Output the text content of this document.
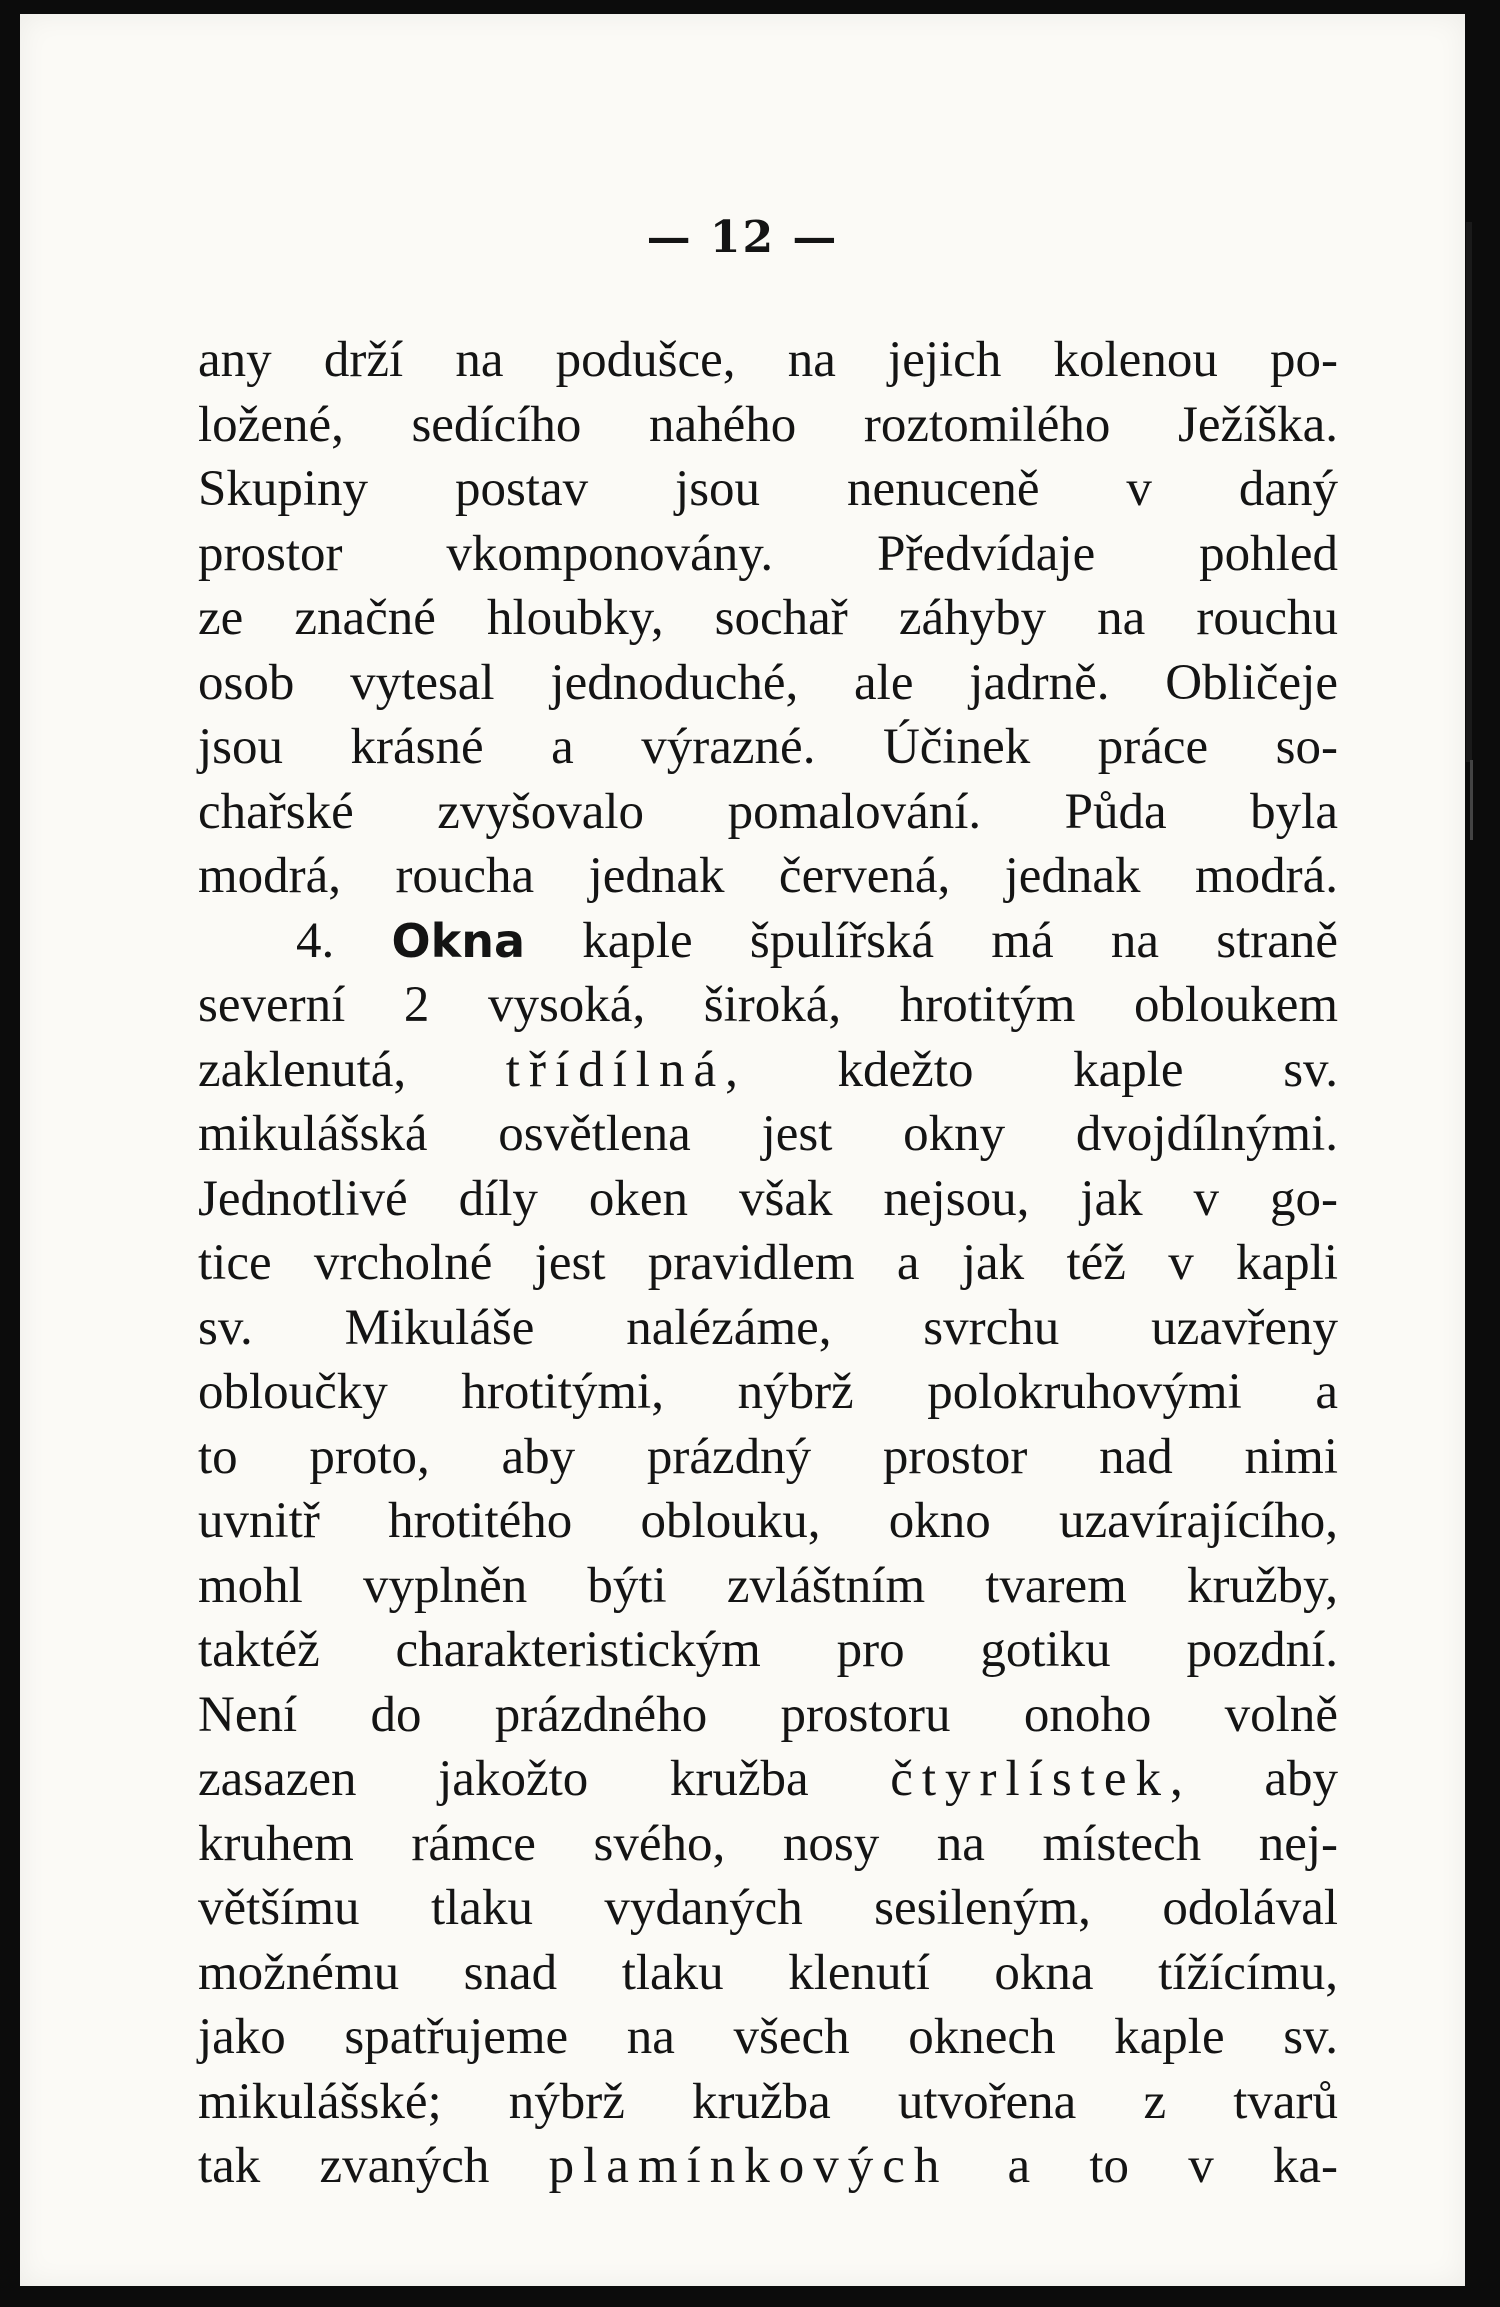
— 12 —
any drží na podušce, na jejich kolenou po-
ložené, sedícího nahého roztomilého Ježíška.
Skupiny postav jsou nenuceně v daný
prostor vkomponovány. Předvídaje pohled
ze značné hloubky, sochař záhyby na rouchu
osob vytesal jednoduché, ale jadrně. Obličeje
jsou krásné a výrazné. Účinek práce so-
chařské zvyšovalo pomalování. Půda byla
modrá, roucha jednak červená, jednak modrá.
4. Okna kaple špulířská má na straně
severní 2 vysoká, široká, hrotitým obloukem
zaklenutá, třídílná, kdežto kaple sv.
mikulášská osvětlena jest okny dvojdílnými.
Jednotlivé díly oken však nejsou, jak v go-
tice vrcholné jest pravidlem a jak též v kapli
sv. Mikuláše nalézáme, svrchu uzavřeny
obloučky hrotitými, nýbrž polokruhovými a
to proto, aby prázdný prostor nad nimi
uvnitř hrotitého oblouku, okno uzavírajícího,
mohl vyplněn býti zvláštním tvarem kružby,
taktéž charakteristickým pro gotiku pozdní.
Není do prázdného prostoru onoho volně
zasazen jakožto kružba čtyrlístek, aby
kruhem rámce svého, nosy na místech nej-
většímu tlaku vydaných sesileným, odolával
možnému snad tlaku klenutí okna tížícímu,
jako spatřujeme na všech oknech kaple sv.
mikulášské; nýbrž kružba utvořena z tvarů
tak zvaných plamínkových a to v ka-
